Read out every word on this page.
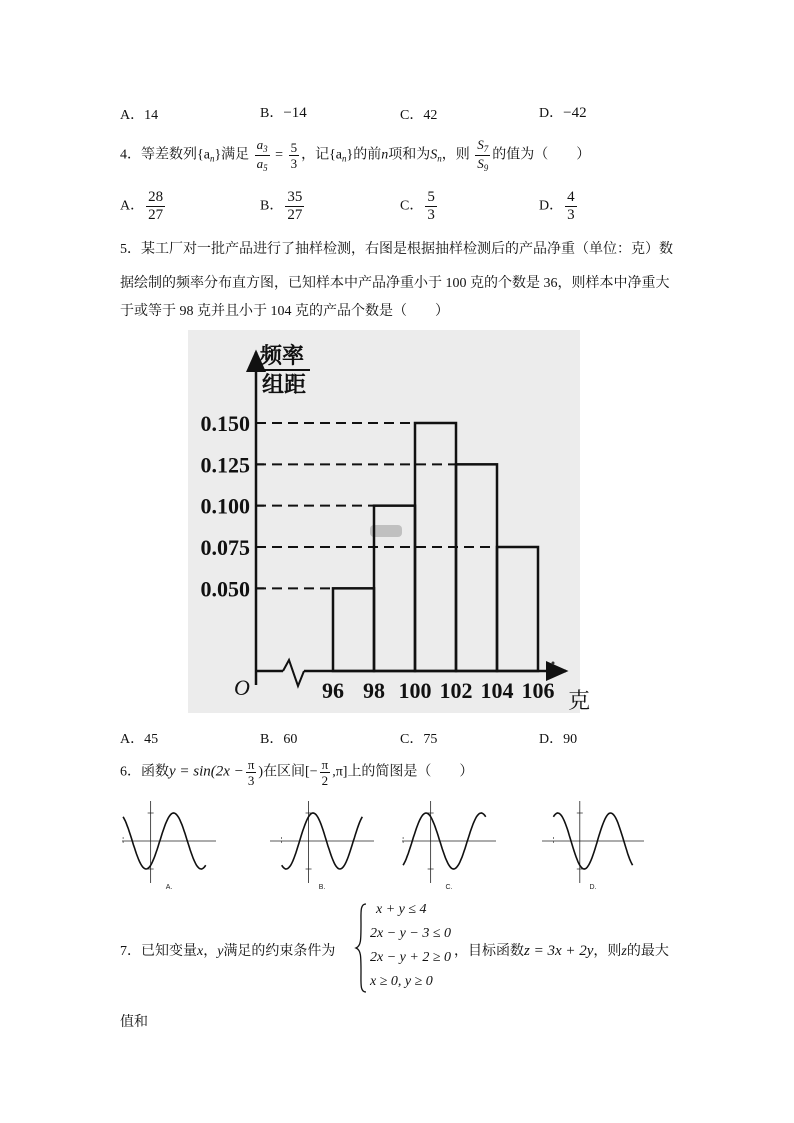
A．14	B．−14	C．42	D．−42
4．等差数列$\{a_n\}$满足 $\frac{a_3}{a_5} = \frac{5}{3}$ ，记$\{a_n\}$的前n项和为$S_n$，则 $\frac{S_7}{S_9}$ 的值为（　　）
A． $\frac{28}{27}$	B． $\frac{35}{27}$	C． $\frac{5}{3}$	D． $\frac{4}{3}$
5．某工厂对一批产品进行了抽样检测，右图是根据抽样检测后的产品净重（单位：克）数
据绘制的频率分布直方图，已知样本中产品净重小于 100 克的个数是 36，则样本中净重大
于或等于 98 克并且小于 104 克的产品个数是（　　）
频率
组距
O
克
0.050
0.075
0.100
0.125
0.150
96 98 100 102 104 106
A．45	B．60	C．75	D．90
6．函数$y = \sin(2x - \frac{\pi}{3}$ )在区间[− $\frac{\pi}{2} ,\pi$]上的简图是（　　）
A.	B.	C.	D.
7．已知变量x，y满足的约束条件为
x + y ≤ 4
2x − y − 3 ≤ 0
2x − y + 2 ≥ 0
x ≥ 0, y ≥ 0
，目标函数z = 3x + 2y，则z的最大
值和
